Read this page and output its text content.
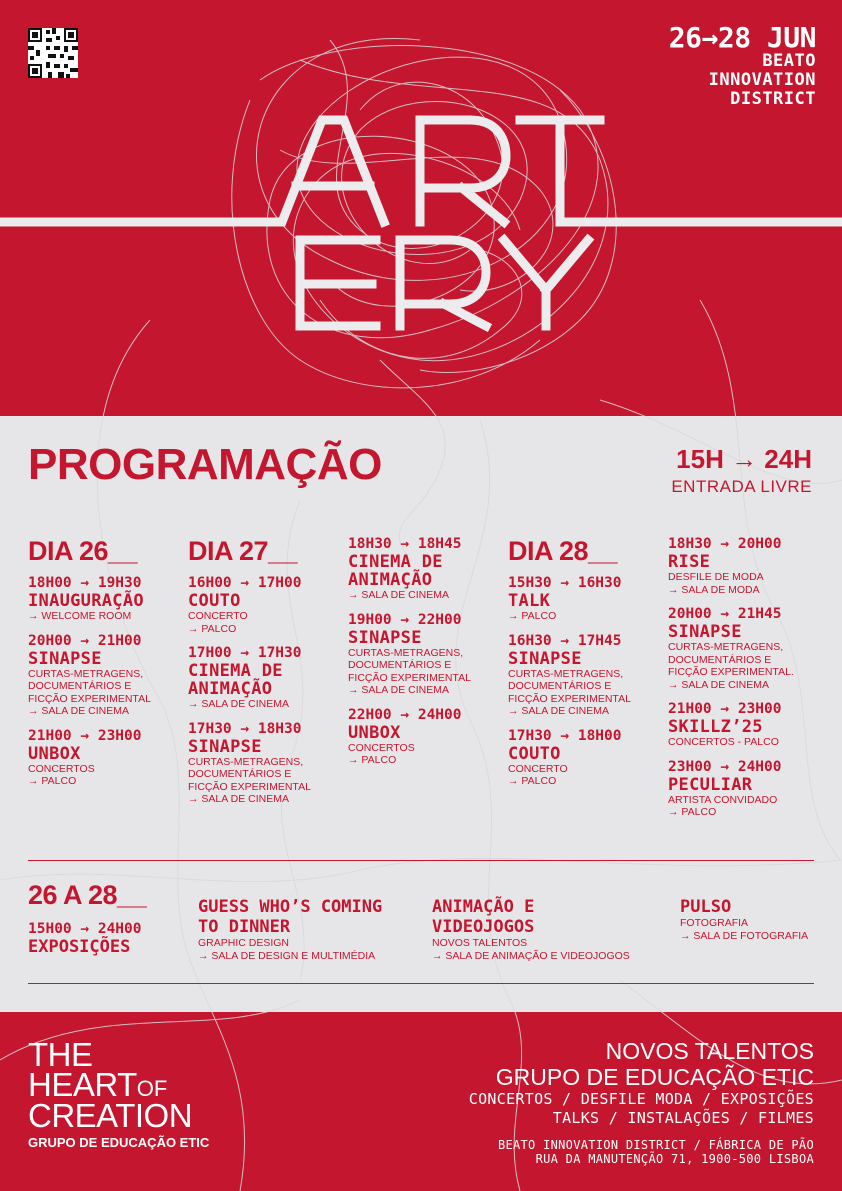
26→28 JUN
BEATO
INNOVATION
DISTRICT
PROGRAMAÇÃO	15H → 24H
ENTRADA LIVRE
DIA 26__
18H00 → 19H30
INAUGURAÇÃO
→ WELCOME ROOM
20H00 → 21H00
SINAPSE
CURTAS-METRAGENS,
DOCUMENTÁRIOS E
FICÇÃO EXPERIMENTAL
→ SALA DE CINEMA
21H00 → 23H00
UNBOX
CONCERTOS
→ PALCO
DIA 27__
16H00 → 17H00
COUTO
CONCERTO
→ PALCO
17H00 → 17H30
CINEMA DE ANIMAÇÃO
→ SALA DE CINEMA
17H30 → 18H30
SINAPSE
CURTAS-METRAGENS,
DOCUMENTÁRIOS E
FICÇÃO EXPERIMENTAL
→ SALA DE CINEMA
18H30 → 18H45
CINEMA DE ANIMAÇÃO
→ SALA DE CINEMA
19H00 → 22H00
SINAPSE
CURTAS-METRAGENS,
DOCUMENTÁRIOS E
FICÇÃO EXPERIMENTAL
→ SALA DE CINEMA
22H00 → 24H00
UNBOX
CONCERTOS
→ PALCO
DIA 28__
15H30 → 16H30
TALK
→ PALCO
16H30 → 17H45
SINAPSE
CURTAS-METRAGENS,
DOCUMENTÁRIOS E
FICÇÃO EXPERIMENTAL
→ SALA DE CINEMA
17H30 → 18H00
COUTO
CONCERTO
→ PALCO
18H30 → 20H00
RISE
DESFILE DE MODA
→ SALA DE MODA
20H00 → 21H45
SINAPSE
CURTAS-METRAGENS,
DOCUMENTÁRIOS E
FICÇÃO EXPERIMENTAL.
→ SALA DE CINEMA
21H00 → 23H00
SKILLZ’25
CONCERTOS - PALCO
23H00 → 24H00
PECULIAR
ARTISTA CONVIDADO
→ PALCO
26 A 28__
15H00 → 24H00
EXPOSIÇÕES
GUESS WHO’S COMING TO DINNER
GRAPHIC DESIGN
→ SALA DE DESIGN E MULTIMÉDIA
ANIMAÇÃO E VIDEOJOGOS
NOVOS TALENTOS
→ SALA DE ANIMAÇÃO E VIDEOJOGOS
PULSO
FOTOGRAFIA
→ SALA DE FOTOGRAFIA
THE
HEARTOF
CREATION
GRUPO DE EDUCAÇÃO ETIC
NOVOS TALENTOS
GRUPO DE EDUCAÇÃO ETIC
CONCERTOS / DESFILE MODA / EXPOSIÇÕES
TALKS / INSTALAÇÕES / FILMES
BEATO INNOVATION DISTRICT / FÁBRICA DE PÃO
RUA DA MANUTENÇÃO 71, 1900-500 LISBOA
